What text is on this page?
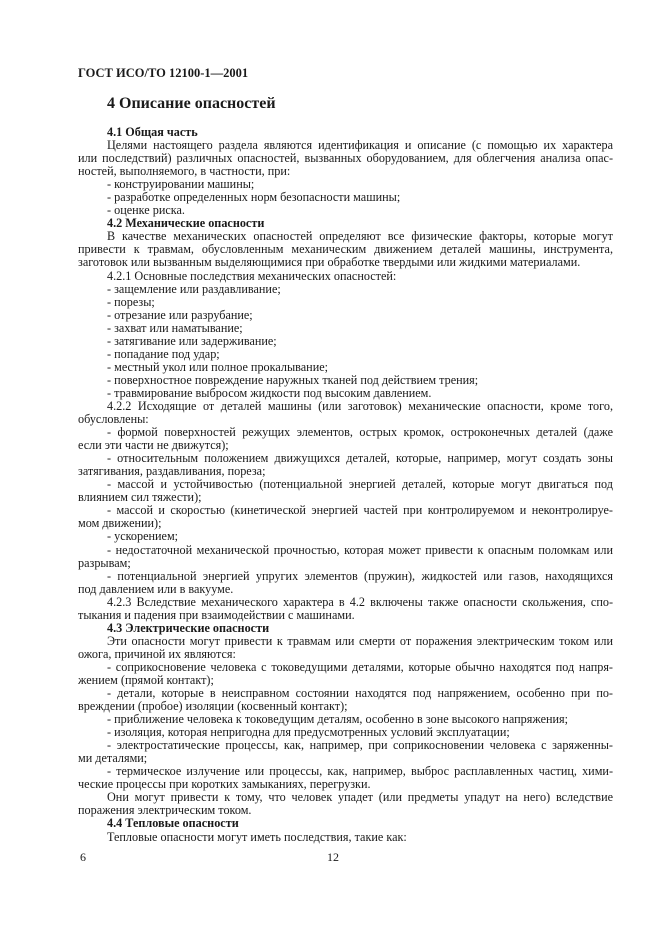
ГОСТ ИСО/ТО 12100-1—2001
4 Описание опасностей
4.1 Общая часть
Целями настоящего раздела являются идентификация и описание (с помощью их характера
или последствий) различных опасностей, вызванных оборудованием, для облегчения анализа опас-
ностей, выполняемого, в частности, при:
- конструировании машины;
- разработке определенных норм безопасности машины;
- оценке риска.
4.2 Механические опасности
В качестве механических опасностей определяют все физические факторы, которые могут
привести к травмам, обусловленным механическим движением деталей машины, инструмента,
заготовок или вызванным выделяющимися при обработке твердыми или жидкими материалами.
4.2.1 Основные последствия механических опасностей:
- защемление или раздавливание;
- порезы;
- отрезание или разрубание;
- захват или наматывание;
- затягивание или задерживание;
- попадание под удар;
- местный укол или полное прокалывание;
- поверхностное повреждение наружных тканей под действием трения;
- травмирование выбросом жидкости под высоким давлением.
4.2.2 Исходящие от деталей машины (или заготовок) механические опасности, кроме того,
обусловлены:
- формой поверхностей режущих элементов, острых кромок, остроконечных деталей (даже
если эти части не движутся);
- относительным положением движущихся деталей, которые, например, могут создать зоны
затягивания, раздавливания, пореза;
- массой и устойчивостью (потенциальной энергией деталей, которые могут двигаться под
влиянием сил тяжести);
- массой и скоростью (кинетической энергией частей при контролируемом и неконтролируе-
мом движении);
- ускорением;
- недостаточной механической прочностью, которая может привести к опасным поломкам или
разрывам;
- потенциальной энергией упругих элементов (пружин), жидкостей или газов, находящихся
под давлением или в вакууме.
4.2.3 Вследствие механического характера в 4.2 включены также опасности скольжения, спо-
тыкания и падения при взаимодействии с машинами.
4.3 Электрические опасности
Эти опасности могут привести к травмам или смерти от поражения электрическим током или
ожога, причиной их являются:
- соприкосновение человека с токоведущими деталями, которые обычно находятся под напря-
жением (прямой контакт);
- детали, которые в неисправном состоянии находятся под напряжением, особенно при по-
вреждении (пробое) изоляции (косвенный контакт);
- приближение человека к токоведущим деталям, особенно в зоне высокого напряжения;
- изоляция, которая непригодна для предусмотренных условий эксплуатации;
- электростатические процессы, как, например, при соприкосновении человека с заряженны-
ми деталями;
- термическое излучение или процессы, как, например, выброс расплавленных частиц, хими-
ческие процессы при коротких замыканиях, перегрузки.
Они могут привести к тому, что человек упадет (или предметы упадут на него) вследствие
поражения электрическим током.
4.4 Тепловые опасности
Тепловые опасности могут иметь последствия, такие как:
6	12
